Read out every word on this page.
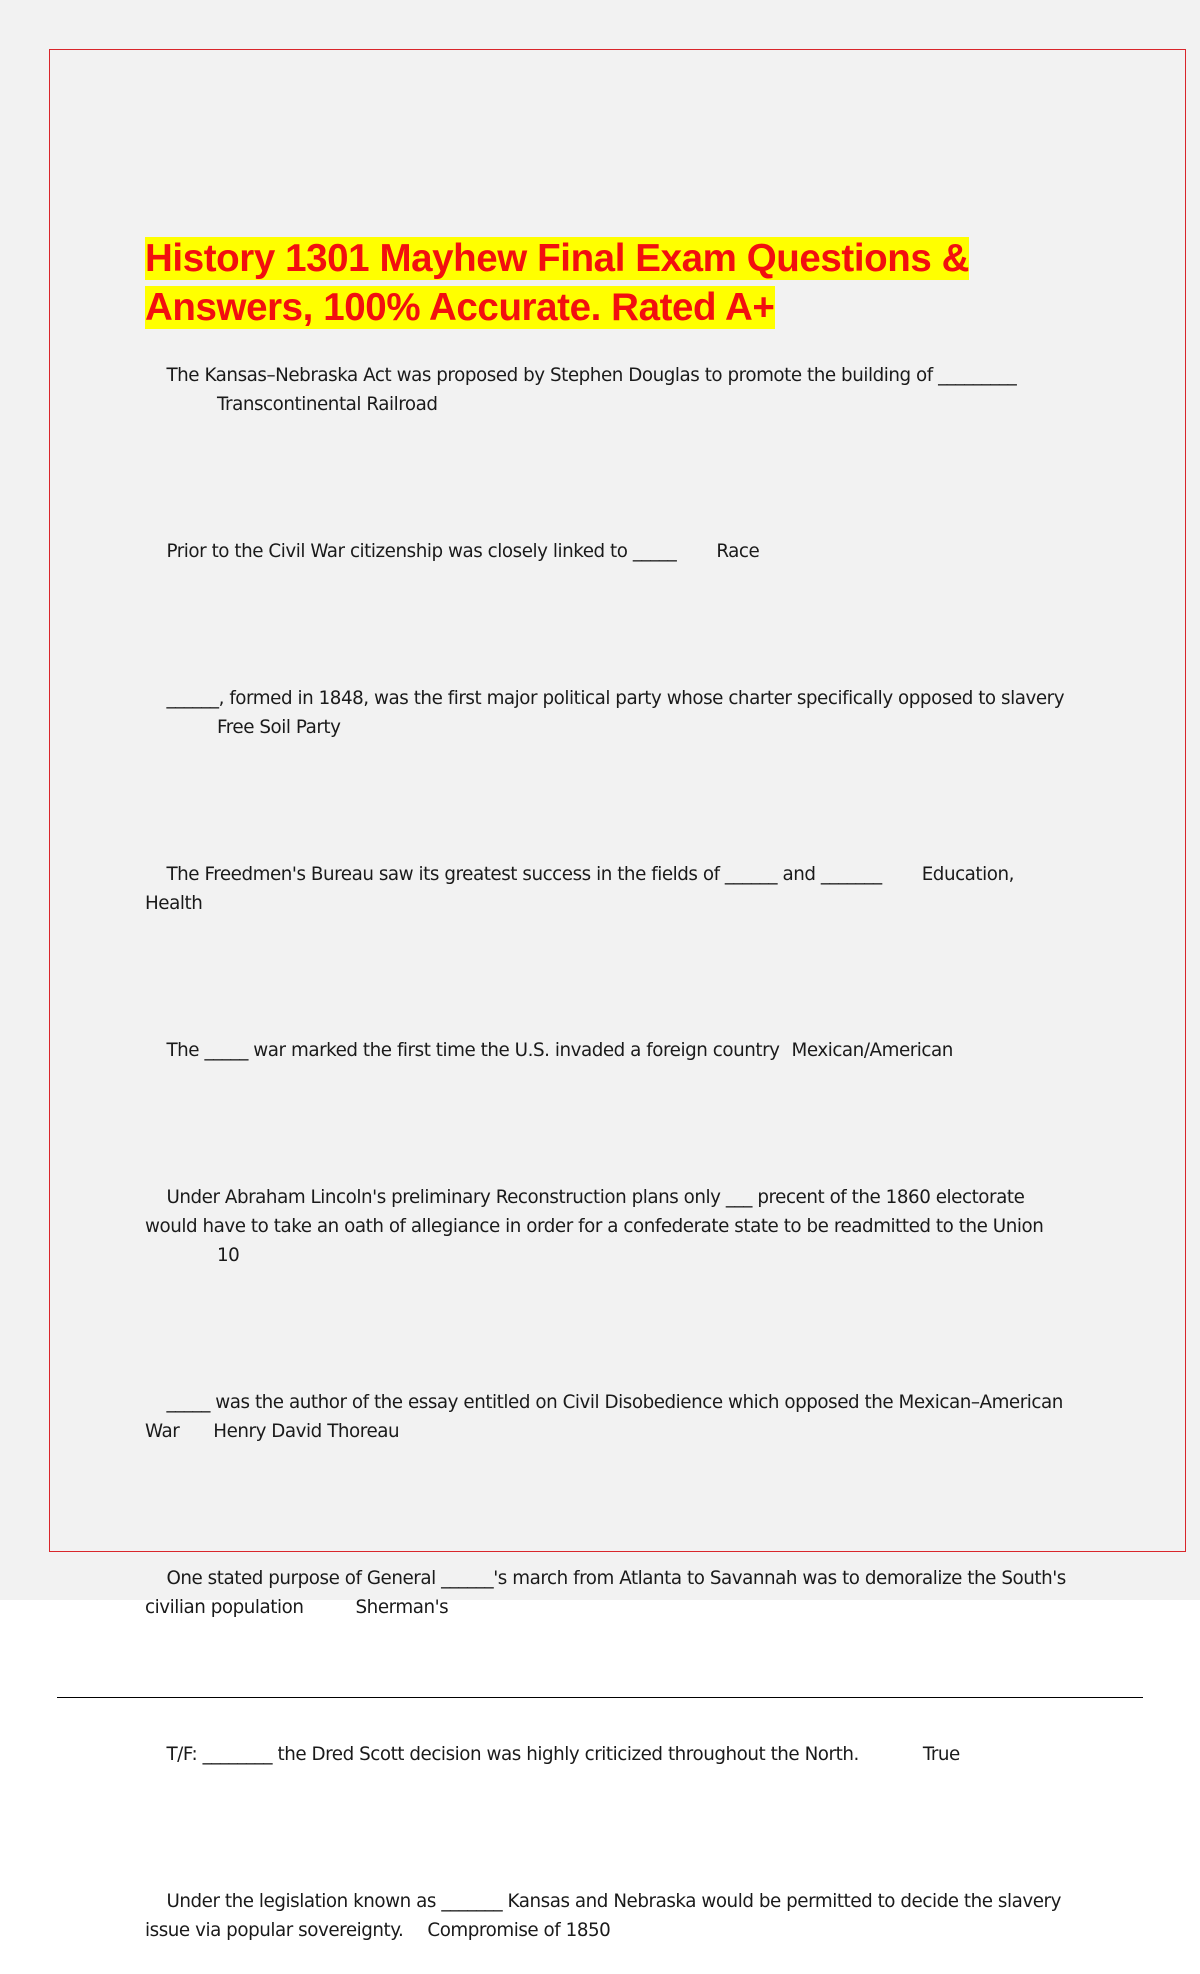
History 1301 Mayhew Final Exam Questions &
Answers, 100% Accurate. Rated A+

The Kansas–Nebraska Act was proposed by Stephen Douglas to promote the building of _________
Transcontinental Railroad

Prior to the Civil War citizenship was closely linked to _____ Race

______, formed in 1848, was the first major political party whose charter specifically opposed to slavery
Free Soil Party

The Freedmen's Bureau saw its greatest success in the fields of ______ and _______ Education,
Health

The _____ war marked the first time the U.S. invaded a foreign country Mexican/American

Under Abraham Lincoln's preliminary Reconstruction plans only ___ precent of the 1860 electorate
would have to take an oath of allegiance in order for a confederate state to be readmitted to the Union
10

_____ was the author of the essay entitled on Civil Disobedience which opposed the Mexican–American
War Henry David Thoreau

One stated purpose of General ______'s march from Atlanta to Savannah was to demoralize the South's
civilian population	Sherman's

T/F: ________ the Dred Scott decision was highly criticized throughout the North.	True

Under the legislation known as _______ Kansas and Nebraska would be permitted to decide the slavery
issue via popular sovereignty. Compromise of 1850
